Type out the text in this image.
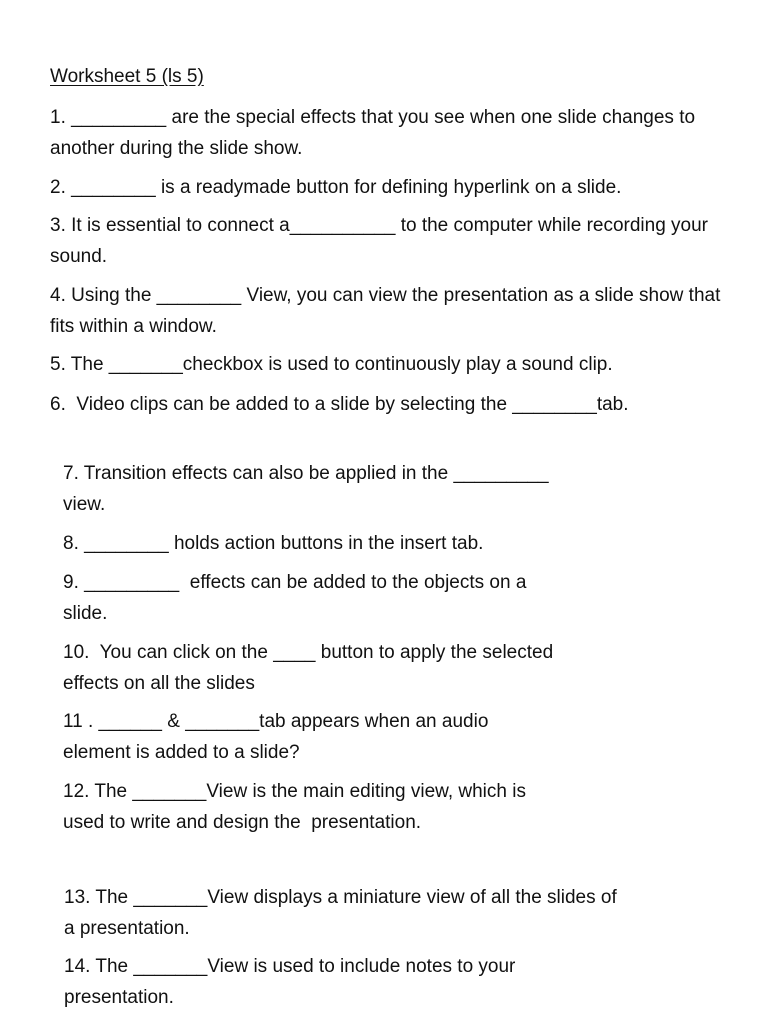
Worksheet 5 (ls 5)
1. _________ are the special effects that you see when one slide changes to another during the slide show.
2. ________ is a readymade button for defining hyperlink on a slide.
3. It is essential to connect a__________ to the computer while recording your sound.
4. Using the ________ View, you can view the presentation as a slide show that fits within a window.
5. The _______checkbox is used to continuously play a sound clip.
6.  Video clips can be added to a slide by selecting the ________tab.
7. Transition effects can also be applied in the _________
view.
8. ________ holds action buttons in the insert tab.
9. _________  effects can be added to the objects on a
slide.
10.  You can click on the ____ button to apply the selected
effects on all the slides
11 . ______ & _______tab appears when an audio
element is added to a slide?
12. The _______View is the main editing view, which is
used to write and design the  presentation.
13. The _______View displays a miniature view of all the slides of
a presentation.
14. The _______View is used to include notes to your
presentation.
